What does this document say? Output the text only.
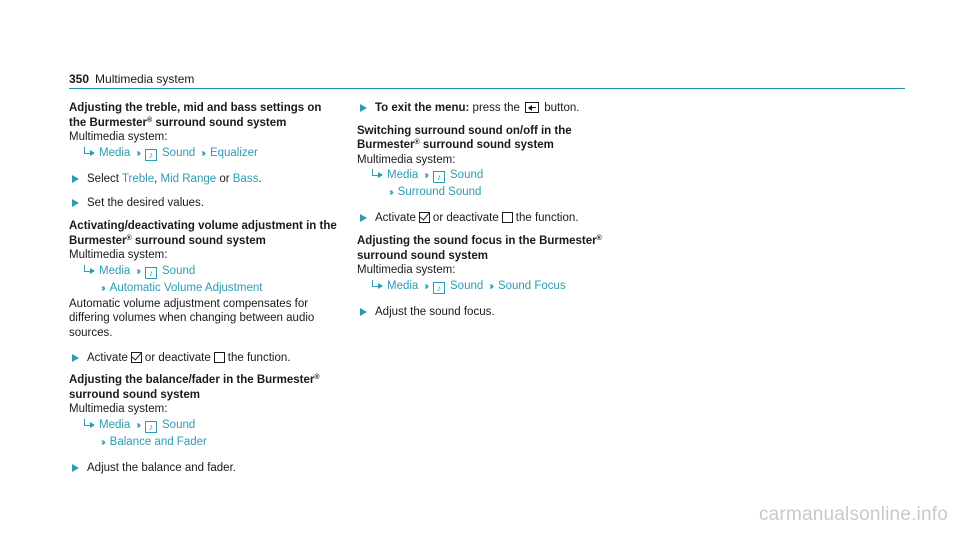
350 Multimedia system
Adjusting the treble, mid and bass settings on the Burmester® surround sound system

Multimedia system:

Media ›› ♪ Sound ›› Equalizer

Select Treble, Mid Range or Bass.

Set the desired values.

Activating/deactivating volume adjustment in the Burmester® surround sound system

Multimedia system:

Media ›› ♪ Sound
›› Automatic Volume Adjustment

Automatic volume adjustment compensates for differing volumes when changing between audio sources.

Activate or deactivate the function.

Adjusting the balance/fader in the Burmester® surround sound system

Multimedia system:

Media ›› ♪ Sound
›› Balance and Fader

Adjust the balance and fader.

To exit the menu: press the button.

Switching surround sound on/off in the Burmester® surround sound system

Multimedia system:

Media ›› ♪ Sound
›› Surround Sound

Activate or deactivate the function.

Adjusting the sound focus in the Burmester® surround sound system

Multimedia system:

Media ›› ♪ Sound ›› Sound Focus

Adjust the sound focus.

carmanualsonline.info
